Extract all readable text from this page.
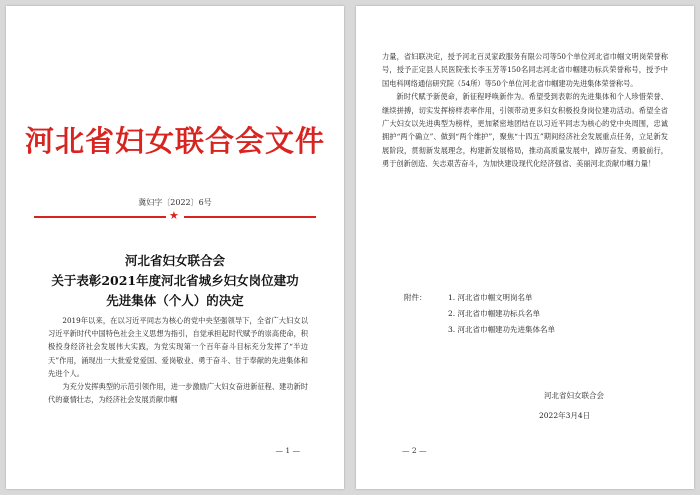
河北省妇女联合会文件
冀妇字〔2022〕6号
★
河北省妇女联合会
关于表彰2021年度河北省城乡妇女岗位建功
先进集体（个人）的决定

2019年以来，在以习近平同志为核心的党中央坚强领导下，全省广大妇女以习近平新时代中国特色社会主义思想为指引，自觉承担起时代赋予的崇高使命，积极投身经济社会发展伟大实践，为党实现第一个百年奋斗目标充分发挥了“半边天”作用，涌现出一大批爱党爱国、爱岗敬业、勇于奋斗、甘于奉献的先进集体和先进个人。

为充分发挥典型的示范引领作用，进一步激励广大妇女奋进新征程、建功新时代的豪情壮志，为经济社会发展贡献巾帼

— 1 —

力量，省妇联决定，授予河北百灵家政服务有限公司等50个单位河北省巾帼文明岗荣誉称号，授予正定县人民医院张长李玉芳等150名同志河北省巾帼建功标兵荣誉称号，授予中国电科网络通信研究院（54所）等50个单位河北省巾帼建功先进集体荣誉称号。

新时代赋予新使命，新征程呼唤新作为。希望受到表彰的先进集体和个人珍惜荣誉、继续拼搏，切实发挥榜样表率作用，引领带动更多妇女积极投身岗位建功活动。希望全省广大妇女以先进典型为榜样，更加紧密地团结在以习近平同志为核心的党中央周围，忠诚拥护“两个确立”、做到“两个维护”，聚焦“十四五”期间经济社会发展重点任务，立足新发展阶段，贯彻新发展理念，构建新发展格局，推动高质量发展中，踔厉奋发、勇毅前行，勇于创新创造、矢志艰苦奋斗，为加快建设现代化经济强省、美丽河北贡献巾帼力量！

附件：	1. 河北省巾帼文明岗名单
2. 河北省巾帼建功标兵名单
3. 河北省巾帼建功先进集体名单
河北省妇女联合会
2022年3月4日
— 2 —
